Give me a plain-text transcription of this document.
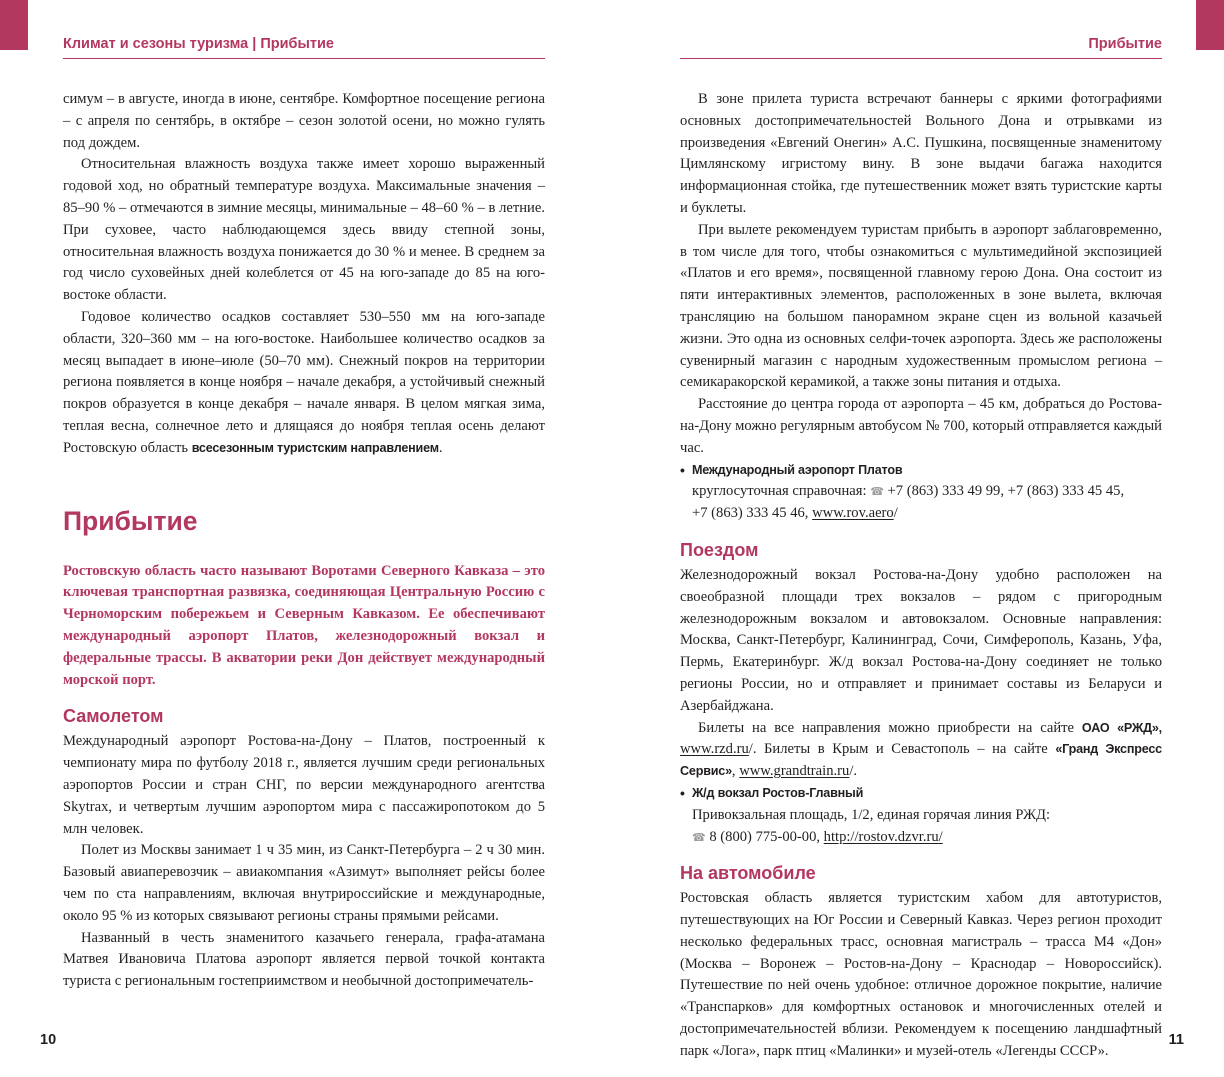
Климат и сезоны туризма | Прибытие

симум – в августе, иногда в июне, сентябре. Комфортное посещение региона – с апреля по сентябрь, в октябре – сезон золотой осени, но можно гулять под дождем.

Относительная влажность воздуха также имеет хорошо выраженный годовой ход, но обратный температуре воздуха. Максимальные значения – 85–90 % – отмечаются в зимние месяцы, минимальные – 48–60 % – в летние. При суховее, часто наблюдающемся здесь ввиду степной зоны, относительная влажность воздуха понижается до 30 % и менее. В среднем за год число суховейных дней колеблется от 45 на юго-западе до 85 на юго-востоке области.

Годовое количество осадков составляет 530–550 мм на юго-западе области, 320–360 мм – на юго-востоке. Наибольшее количество осадков за месяц выпадает в июне–июле (50–70 мм). Снежный покров на территории региона появляется в конце ноября – начале декабря, а устойчивый снежный покров образуется в конце декабря – начале января. В целом мягкая зима, теплая весна, солнечное лето и длящаяся до ноября теплая осень делают Ростовскую область всесезонным туристским направлением.

Прибытие
Ростовскую область часто называют Воротами Северного Кавказа – это ключевая транспортная развязка, соединяющая Центральную Россию с Черноморским побережьем и Северным Кавказом. Ее обеспечивают международный аэропорт Платов, железнодорожный вокзал и федеральные трассы. В акватории реки Дон действует международный морской порт.
Самолетом

Международный аэропорт Ростова-на-Дону – Платов, построенный к чемпионату мира по футболу 2018 г., является лучшим среди региональных аэропортов России и стран СНГ, по версии международного агентства Skytrax, и четвертым лучшим аэропортом мира с пассажиропотоком до 5 млн человек.

Полет из Москвы занимает 1 ч 35 мин, из Санкт-Петербурга – 2 ч 30 мин. Базовый авиаперевозчик – авиакомпания «Азимут» выполняет рейсы более чем по ста направлениям, включая внутрироссийские и международные, около 95 % из которых связывают регионы страны прямыми рейсами.

Названный в честь знаменитого казачьего генерала, графа-атамана Матвея Ивановича Платова аэропорт является первой точкой контакта туриста с региональным гостеприимством и необычной достопримечатель-

10
Прибытие

В зоне прилета туриста встречают баннеры с яркими фотографиями основных достопримечательностей Вольного Дона и отрывками из произведения «Евгений Онегин» А.С. Пушкина, посвященные знаменитому Цимлянскому игристому вину. В зоне выдачи багажа находится информационная стойка, где путешественник может взять туристские карты и буклеты.

При вылете рекомендуем туристам прибыть в аэропорт заблаговременно, в том числе для того, чтобы ознакомиться с мультимедийной экспозицией «Платов и его время», посвященной главному герою Дона. Она состоит из пяти интерактивных элементов, расположенных в зоне вылета, включая трансляцию на большом панорамном экране сцен из вольной казачьей жизни. Это одна из основных селфи-точек аэропорта. Здесь же расположены сувенирный магазин с народным художественным промыслом региона – семикаракорской керамикой, а также зоны питания и отдыха.

Расстояние до центра города от аэропорта – 45 км, добраться до Ростова-на-Дону можно регулярным автобусом № 700, который отправляется каждый час.

• Международный аэропорт Платов
круглосуточная справочная: ☎ +7 (863) 333 49 99, +7 (863) 333 45 45,
+7 (863) 333 45 46, www.rov.aero/
Поездом

Железнодорожный вокзал Ростова-на-Дону удобно расположен на своеобразной площади трех вокзалов – рядом с пригородным железнодорожным вокзалом и автовокзалом. Основные направления: Москва, Санкт-Петербург, Калининград, Сочи, Симферополь, Казань, Уфа, Пермь, Екатеринбург. Ж/д вокзал Ростова-на-Дону соединяет не только регионы России, но и отправляет и принимает составы из Беларуси и Азербайджана.

Билеты на все направления можно приобрести на сайте ОАО «РЖД», www.rzd.ru/. Билеты в Крым и Севастополь – на сайте «Гранд Экспресс Сервис», www.grandtrain.ru/.

• Ж/д вокзал Ростов-Главный
Привокзальная площадь, 1/2, единая горячая линия РЖД:
☎ 8 (800) 775-00-00, http://rostov.dzvr.ru/
На автомобиле

Ростовская область является туристским хабом для автотуристов, путешествующих на Юг России и Северный Кавказ. Через регион проходит несколько федеральных трасс, основная магистраль – трасса М4 «Дон» (Москва – Воронеж – Ростов-на-Дону – Краснодар – Новороссийск). Путешествие по ней очень удобное: отличное дорожное покрытие, наличие «Транспарков» для комфортных остановок и многочисленных отелей и достопримечательностей вблизи. Рекомендуем к посещению ландшафтный парк «Лога», парк птиц «Малинки» и музей-отель «Легенды СССР».

11
